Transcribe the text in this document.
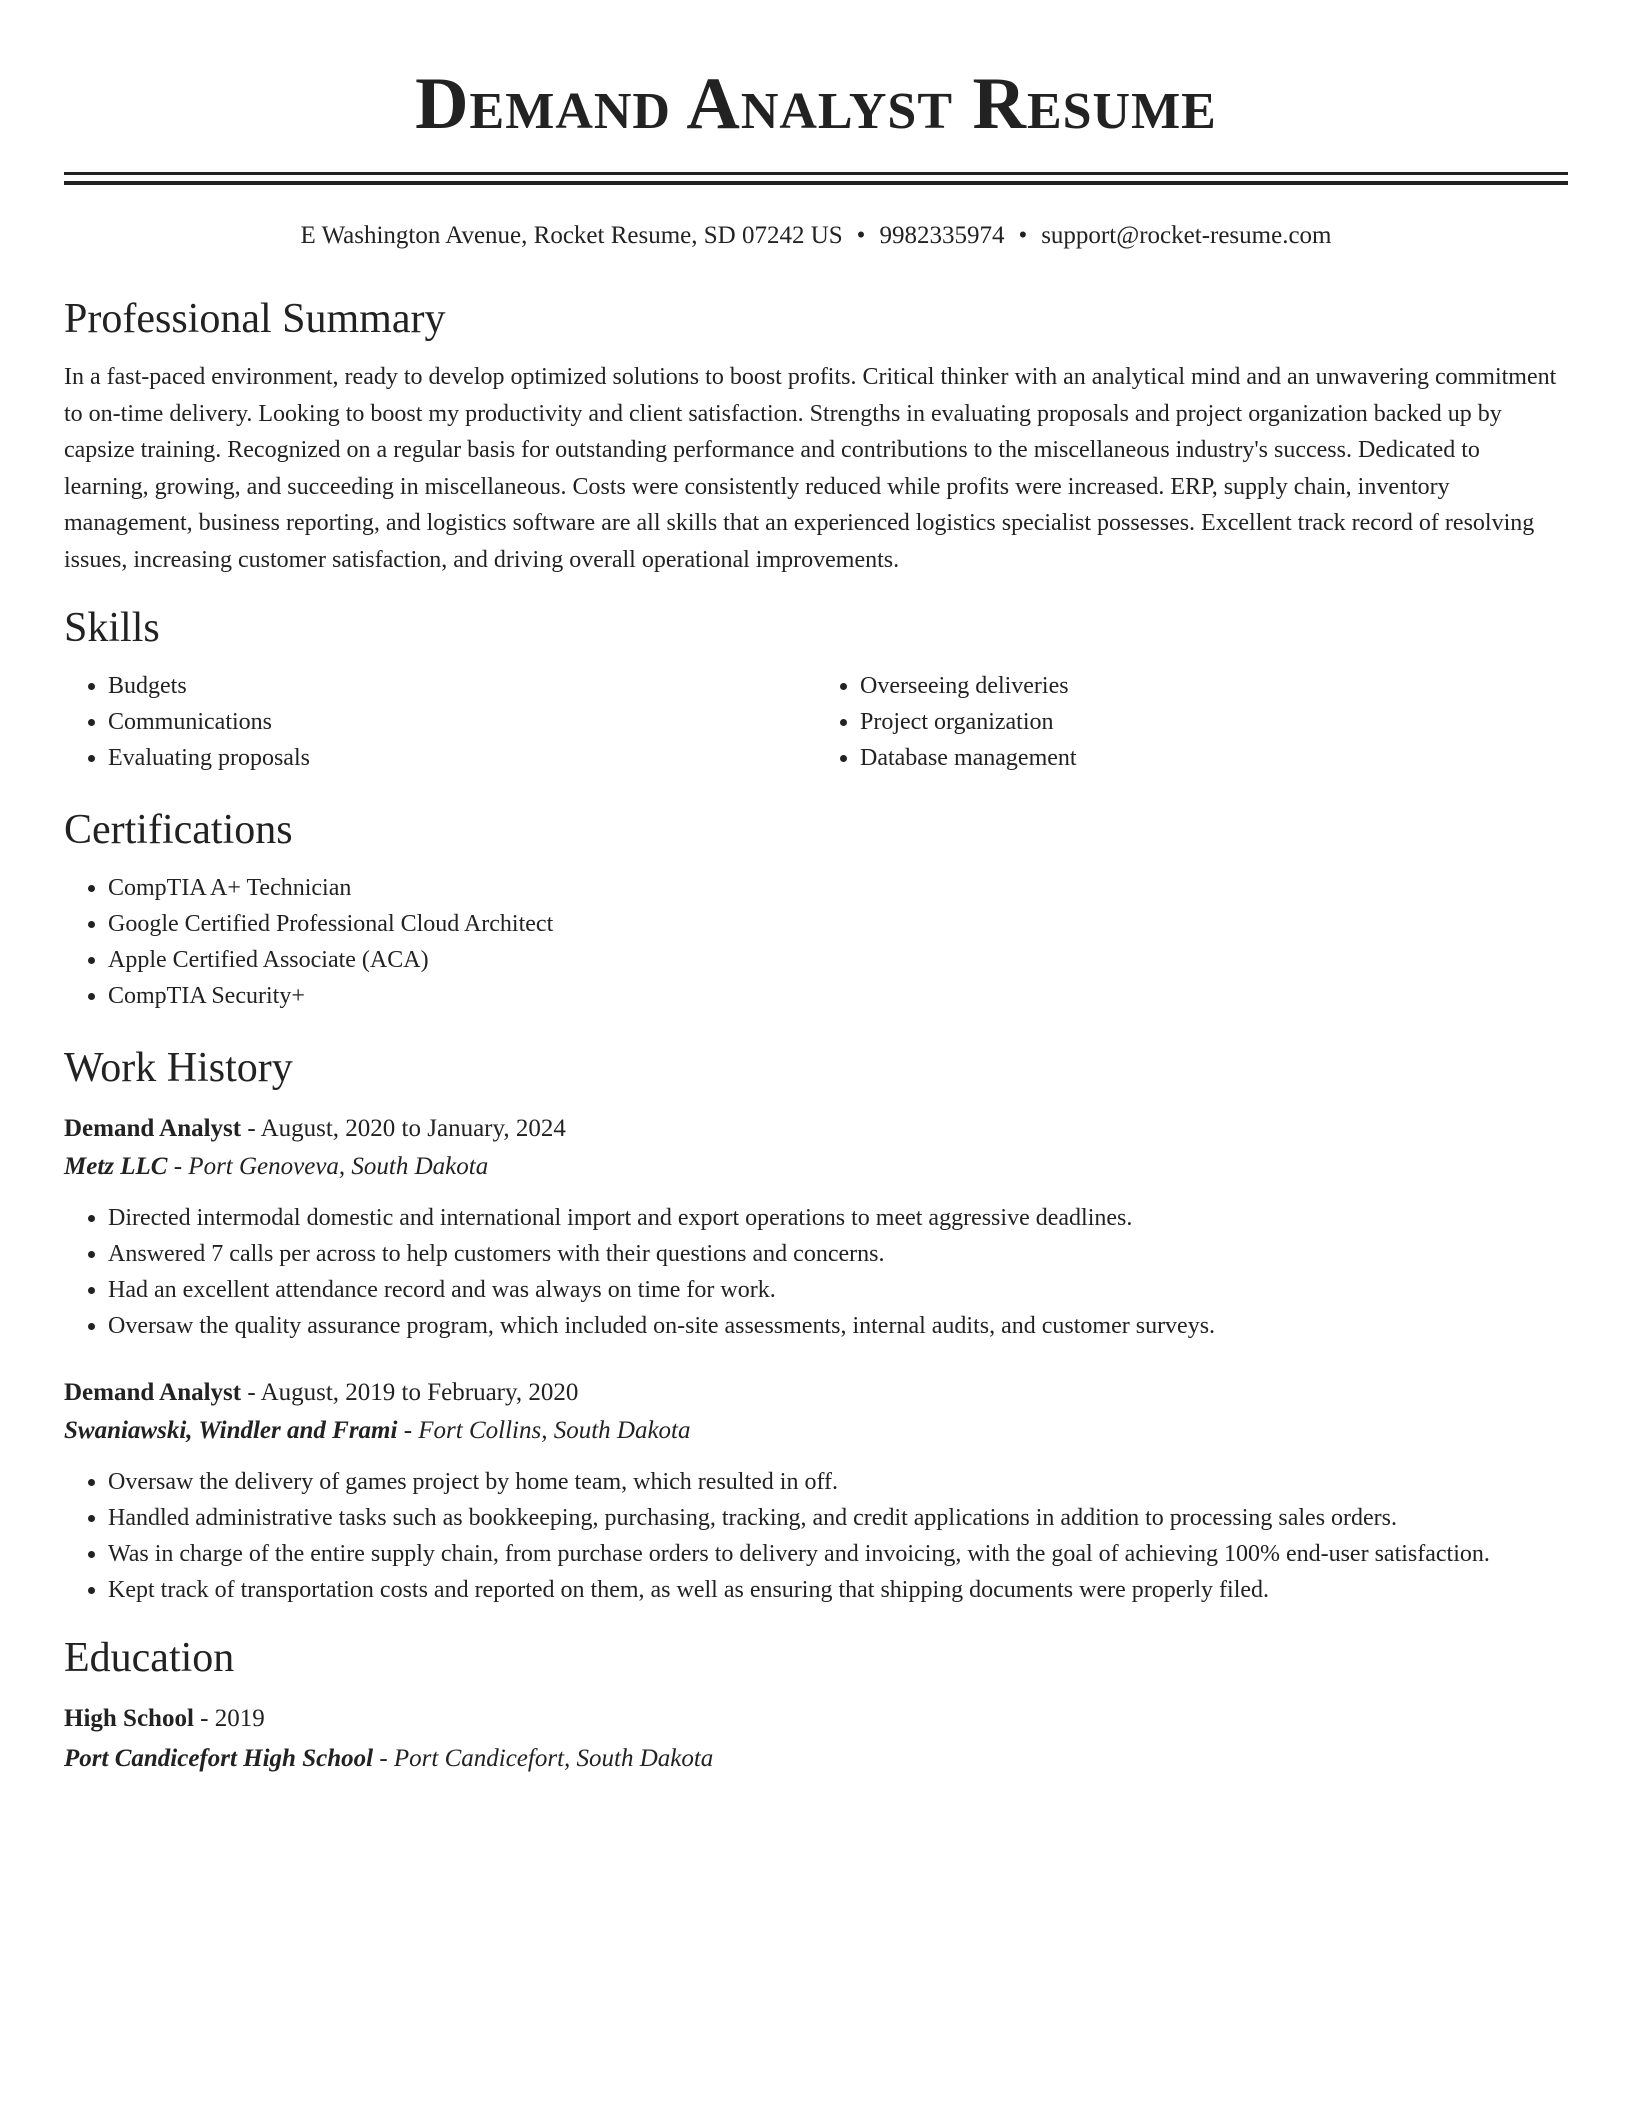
Demand Analyst Resume
E Washington Avenue, Rocket Resume, SD 07242 US • 9982335974 • support@rocket-resume.com
Professional Summary

In a fast-paced environment, ready to develop optimized solutions to boost profits. Critical thinker with an analytical mind and an unwavering commitment to on-time delivery. Looking to boost my productivity and client satisfaction. Strengths in evaluating proposals and project organization backed up by capsize training. Recognized on a regular basis for outstanding performance and contributions to the miscellaneous industry's success. Dedicated to learning, growing, and succeeding in miscellaneous. Costs were consistently reduced while profits were increased. ERP, supply chain, inventory management, business reporting, and logistics software are all skills that an experienced logistics specialist possesses. Excellent track record of resolving issues, increasing customer satisfaction, and driving overall operational improvements.

Skills
• Budgets
• Communications
• Evaluating proposals
• Overseeing deliveries
• Project organization
• Database management
Certifications
• CompTIA A+ Technician
• Google Certified Professional Cloud Architect
• Apple Certified Associate (ACA)
• CompTIA Security+
Work History
Demand Analyst - August, 2020 to January, 2024
Metz LLC - Port Genoveva, South Dakota
• Directed intermodal domestic and international import and export operations to meet aggressive deadlines.
• Answered 7 calls per across to help customers with their questions and concerns.
• Had an excellent attendance record and was always on time for work.
• Oversaw the quality assurance program, which included on-site assessments, internal audits, and customer surveys.
Demand Analyst - August, 2019 to February, 2020
Swaniawski, Windler and Frami - Fort Collins, South Dakota
• Oversaw the delivery of games project by home team, which resulted in off.
• Handled administrative tasks such as bookkeeping, purchasing, tracking, and credit applications in addition to processing sales orders.
• Was in charge of the entire supply chain, from purchase orders to delivery and invoicing, with the goal of achieving 100% end-user satisfaction.
• Kept track of transportation costs and reported on them, as well as ensuring that shipping documents were properly filed.
Education
High School - 2019
Port Candicefort High School - Port Candicefort, South Dakota
